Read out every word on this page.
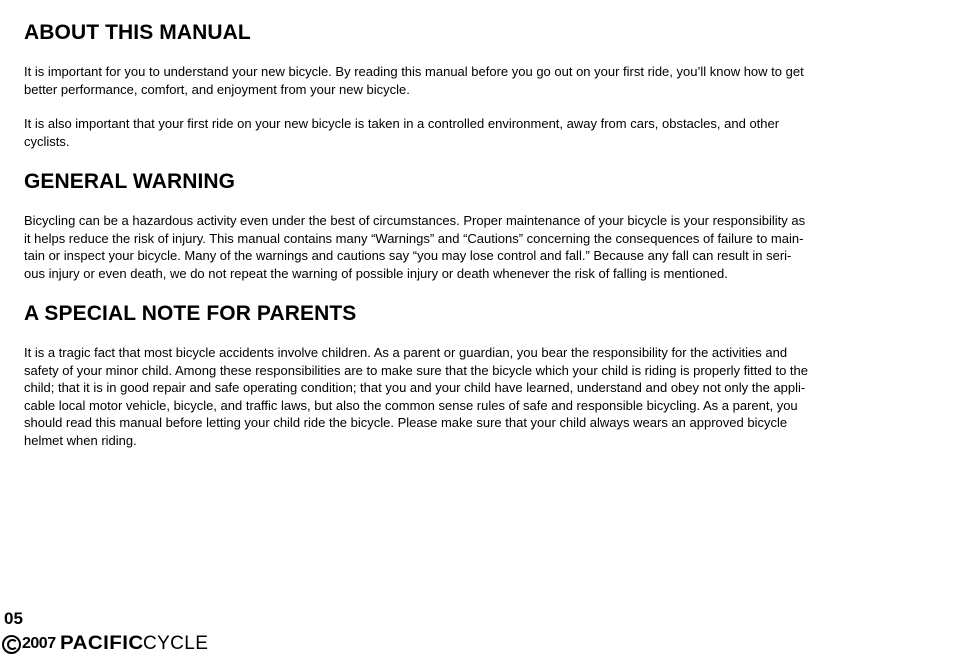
ABOUT THIS MANUAL

It is important for you to understand your new bicycle. By reading this manual before you go out on your first ride, you’ll know how to get
better performance, comfort, and enjoyment from your new bicycle.

It is also important that your first ride on your new bicycle is taken in a controlled environment, away from cars, obstacles, and other
cyclists.

GENERAL WARNING

Bicycling can be a hazardous activity even under the best of circumstances. Proper maintenance of your bicycle is your responsibility as
it helps reduce the risk of injury. This manual contains many “Warnings” and “Cautions” concerning the consequences of failure to main-
tain or inspect your bicycle. Many of the warnings and cautions say “you may lose control and fall.” Because any fall can result in seri-
ous injury or even death, we do not repeat the warning of possible injury or death whenever the risk of falling is mentioned.

A SPECIAL NOTE FOR PARENTS

It is a tragic fact that most bicycle accidents involve children. As a parent or guardian, you bear the responsibility for the activities and
safety of your minor child. Among these responsibilities are to make sure that the bicycle which your child is riding is properly fitted to the
child; that it is in good repair and safe operating condition; that you and your child have learned, understand and obey not only the appli-
cable local motor vehicle, bicycle, and traffic laws, but also the common sense rules of safe and responsible bicycling. As a parent, you
should read this manual before letting your child ride the bicycle. Please make sure that your child always wears an approved bicycle
helmet when riding.

05
2007 PACIFIC CYCLE
